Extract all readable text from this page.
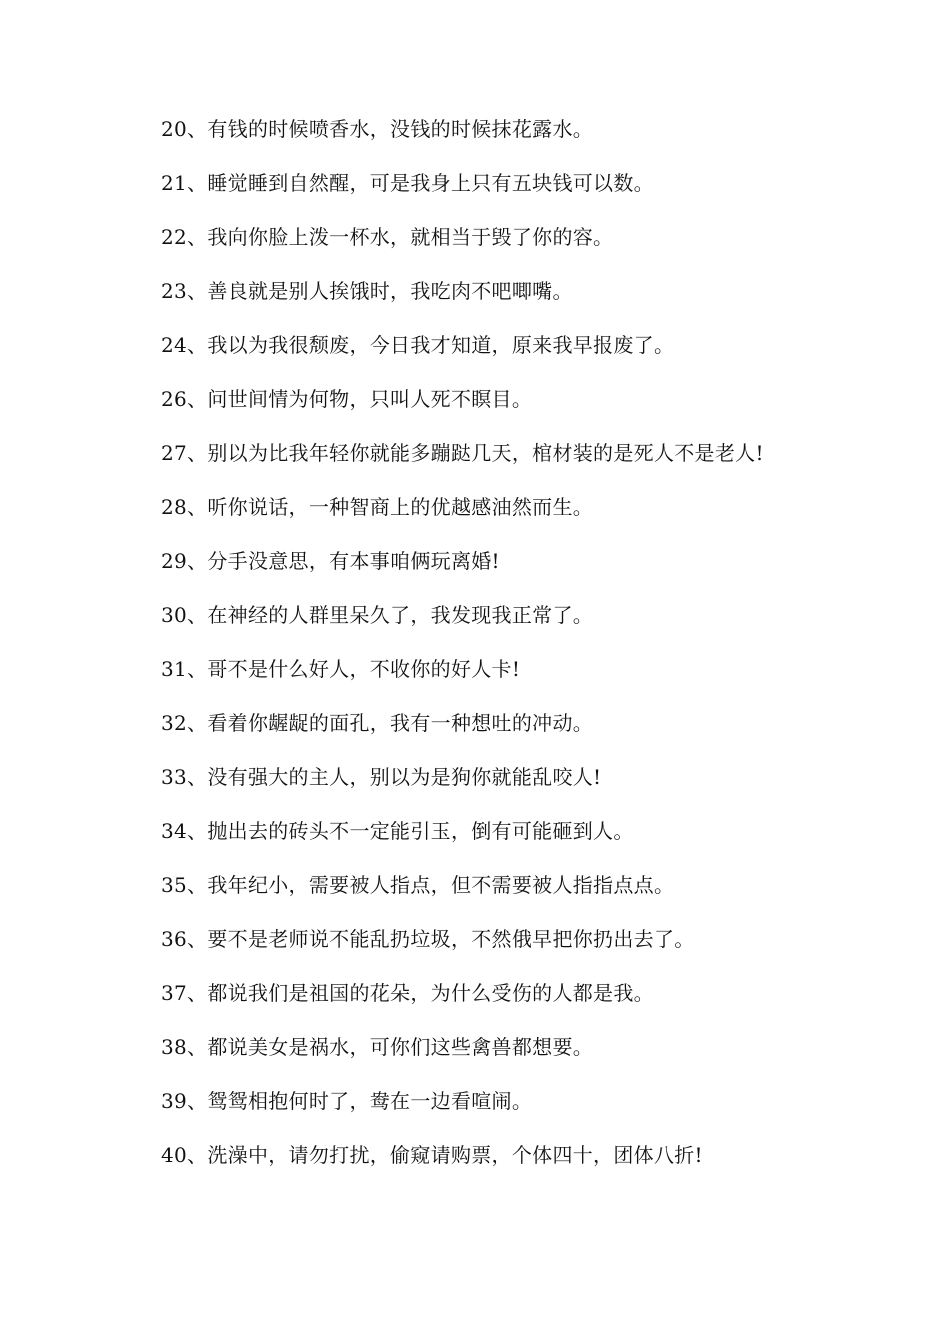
20、有钱的时候喷香水，没钱的时候抹花露水。
21、睡觉睡到自然醒，可是我身上只有五块钱可以数。
22、我向你脸上泼一杯水，就相当于毁了你的容。
23、善良就是别人挨饿时，我吃肉不吧唧嘴。
24、我以为我很颓废，今日我才知道，原来我早报废了。
26、问世间情为何物，只叫人死不瞑目。
27、别以为比我年轻你就能多蹦跶几天，棺材装的是死人不是老人!
28、听你说话，一种智商上的优越感油然而生。
29、分手没意思，有本事咱俩玩离婚!
30、在神经的人群里呆久了，我发现我正常了。
31、哥不是什么好人，不收你的好人卡!
32、看着你龌龊的面孔，我有一种想吐的冲动。
33、没有强大的主人，别以为是狗你就能乱咬人!
34、抛出去的砖头不一定能引玉，倒有可能砸到人。
35、我年纪小，需要被人指点，但不需要被人指指点点。
36、要不是老师说不能乱扔垃圾，不然俄早把你扔出去了。
37、都说我们是祖国的花朵，为什么受伤的人都是我。
38、都说美女是祸水，可你们这些禽兽都想要。
39、鸳鸳相抱何时了，鸯在一边看喧闹。
40、洗澡中，请勿打扰，偷窥请购票，个体四十，团体八折!
